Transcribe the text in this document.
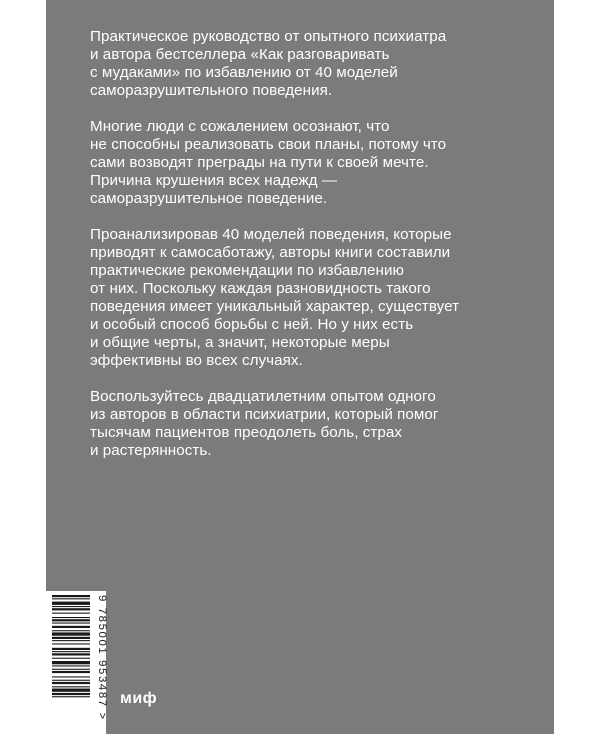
Практическое руководство от опытного психиатра
и автора бестселлера «Как разговаривать
с мудаками» по избавлению от 40 моделей
саморазрушительного поведения.

Многие люди с сожалением осознают, что
не способны реализовать свои планы, потому что
сами возводят преграды на пути к своей мечте.
Причина крушения всех надежд —
саморазрушительное поведение.

Проанализировав 40 моделей поведения, которые
приводят к самосаботажу, авторы книги составили
практические рекомендации по избавлению
от них. Поскольку каждая разновидность такого
поведения имеет уникальный характер, существует
и особый способ борьбы с ней. Но у них есть
и общие черты, а значит, некоторые меры
эффективны во всех случаях.

Воспользуйтесь двадцатилетним опытом одного
из авторов в области психиатрии, который помог
тысячам пациентов преодолеть боль, страх
и растерянность.

9 785001 953487 > миф
